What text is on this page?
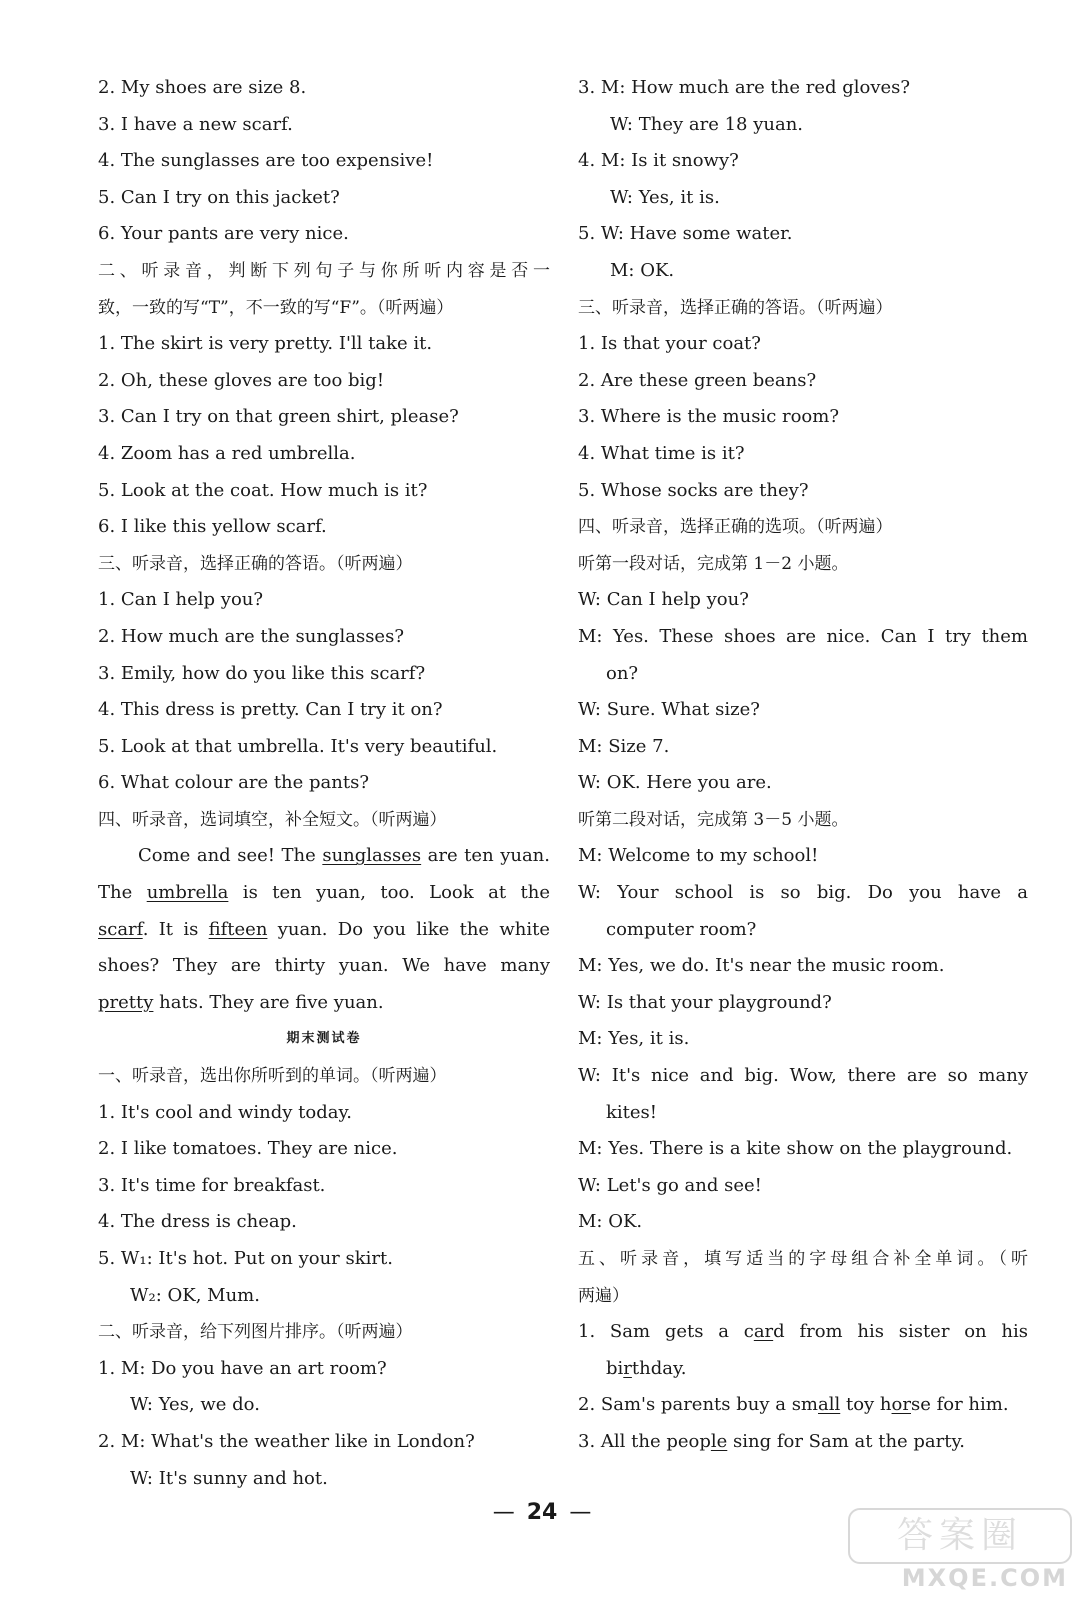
2. My shoes are size 8.
3. I have a new scarf.
4. The sunglasses are too expensive!
5. Can I try on this jacket?
6. Your pants are very nice.
二、听录音，判断下列句子与你所听内容是否一
致，一致的写“T”，不一致的写“F”。（听两遍）
1. The skirt is very pretty. I'll take it.
2. Oh, these gloves are too big!
3. Can I try on that green shirt, please?
4. Zoom has a red umbrella.
5. Look at the coat. How much is it?
6. I like this yellow scarf.
三、听录音，选择正确的答语。（听两遍）
1. Can I help you?
2. How much are the sunglasses?
3. Emily, how do you like this scarf?
4. This dress is pretty. Can I try it on?
5. Look at that umbrella. It's very beautiful.
6. What colour are the pants?
四、听录音，选词填空，补全短文。（听两遍）
Come and see! The sunglasses are ten yuan.
The umbrella is ten yuan, too. Look at the
scarf. It is fifteen yuan. Do you like the white
shoes? They are thirty yuan. We have many
pretty hats. They are five yuan.
期末测试卷
一、听录音，选出你所听到的单词。（听两遍）
1. It's cool and windy today.
2. I like tomatoes. They are nice.
3. It's time for breakfast.
4. The dress is cheap.
5. W₁: It's hot. Put on your skirt.
W₂: OK, Mum.
二、听录音，给下列图片排序。（听两遍）
1. M: Do you have an art room?
W: Yes, we do.
2. M: What's the weather like in London?
W: It's sunny and hot.
3. M: How much are the red gloves?
W: They are 18 yuan.
4. M: Is it snowy?
W: Yes, it is.
5. W: Have some water.
M: OK.
三、听录音，选择正确的答语。（听两遍）
1. Is that your coat?
2. Are these green beans?
3. Where is the music room?
4. What time is it?
5. Whose socks are they?
四、听录音，选择正确的选项。（听两遍）
听第一段对话，完成第 1－2 小题。
W: Can I help you?
M: Yes. These shoes are nice. Can I try them
on?
W: Sure. What size?
M: Size 7.
W: OK. Here you are.
听第二段对话，完成第 3－5 小题。
M: Welcome to my school!
W: Your school is so big. Do you have a
computer room?
M: Yes, we do. It's near the music room.
W: Is that your playground?
M: Yes, it is.
W: It's nice and big. Wow, there are so many
kites!
M: Yes. There is a kite show on the playground.
W: Let's go and see!
M: OK.
五、听录音，填写适当的字母组合补全单词。（听
两遍）
1. Sam gets a card from his sister on his
birthday.
2. Sam's parents buy a small toy horse for him.
3. All the people sing for Sam at the party.
— 24 —
答案圈
MXQE.COM
